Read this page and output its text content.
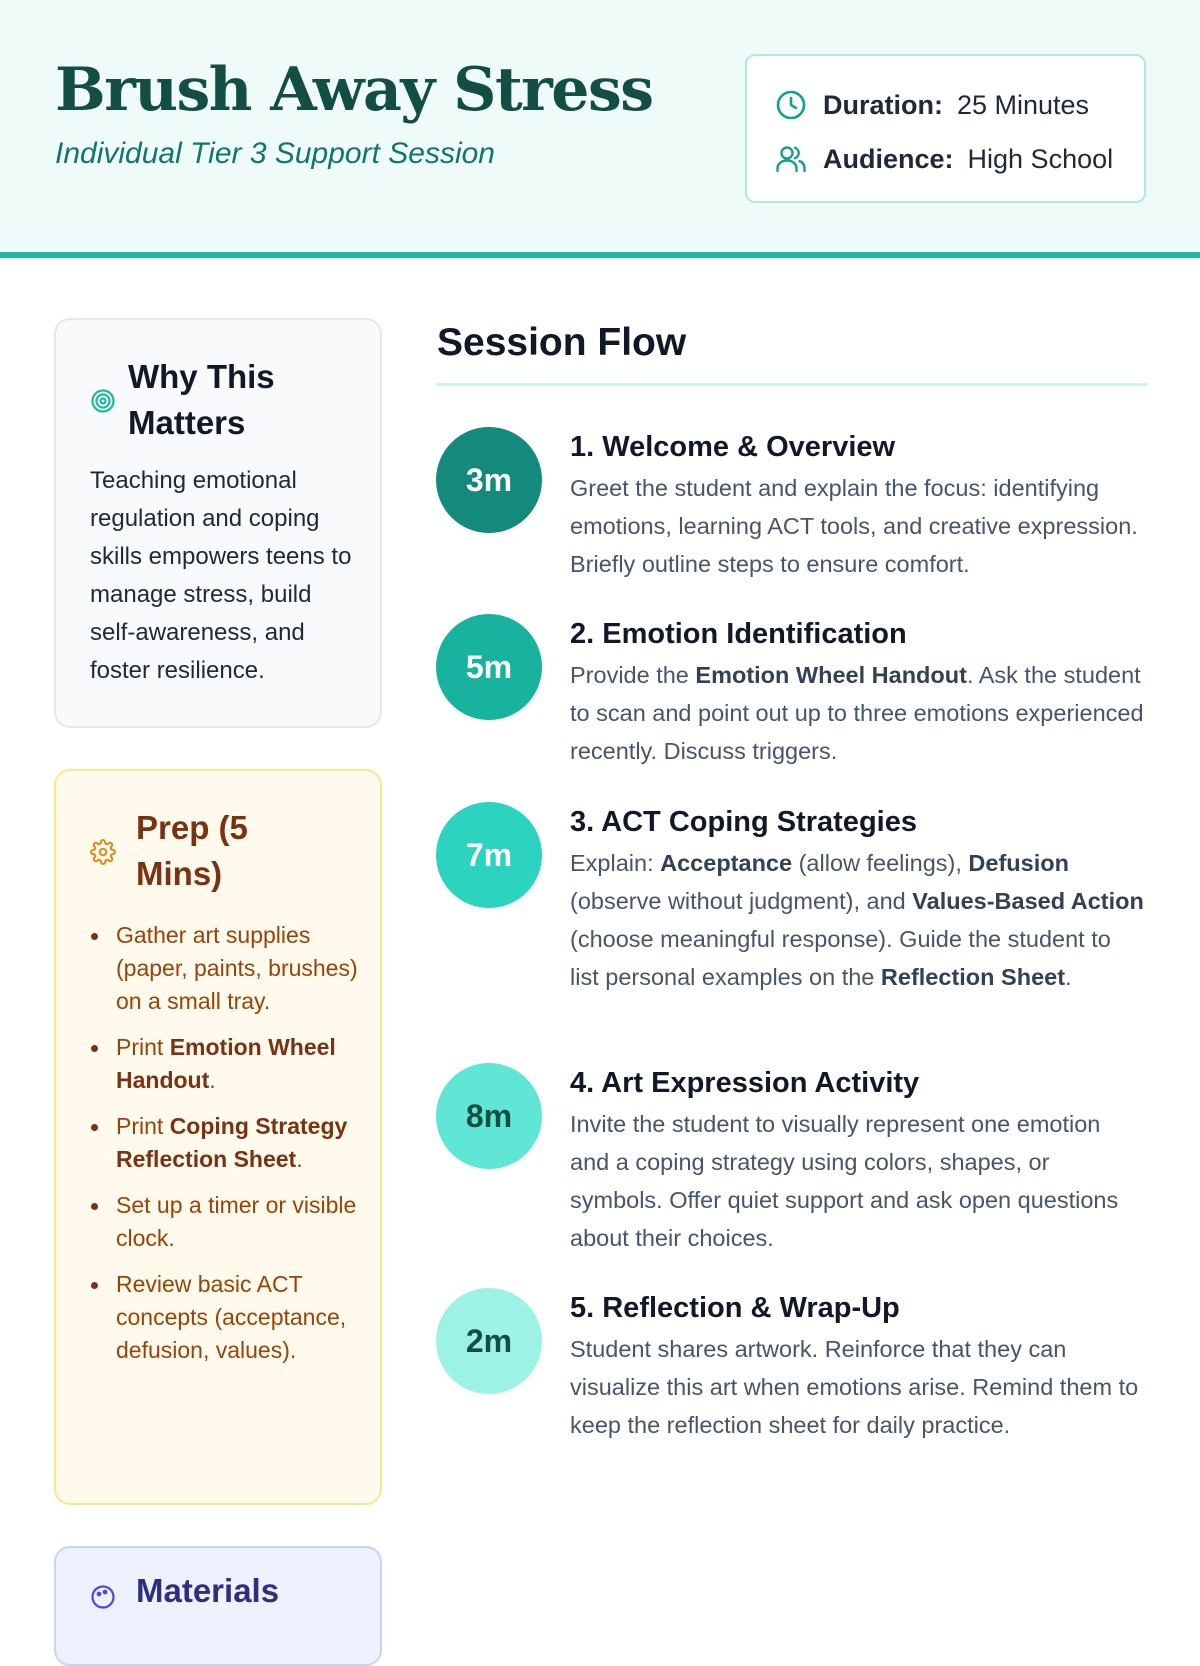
Brush Away Stress
Individual Tier 3 Support Session
Duration: 25 Minutes
Audience: High School
Why This Matters

Teaching emotional regulation and coping skills empowers teens to manage stress, build self-awareness, and foster resilience.

Prep (5 Mins)
Gather art supplies (paper, paints, brushes) on a small tray.
Print Emotion Wheel Handout.
Print Coping Strategy Reflection Sheet.
Set up a timer or visible clock.
Review basic ACT concepts (acceptance, defusion, values).
Materials
Session Flow
3m
1. Welcome & Overview

Greet the student and explain the focus: identifying emotions, learning ACT tools, and creative expression. Briefly outline steps to ensure comfort.

5m
2. Emotion Identification

Provide the Emotion Wheel Handout. Ask the student to scan and point out up to three emotions experienced recently. Discuss triggers.

7m
3. ACT Coping Strategies

Explain: Acceptance (allow feelings), Defusion (observe without judgment), and Values-Based Action (choose meaningful response). Guide the student to list personal examples on the Reflection Sheet.

8m
4. Art Expression Activity

Invite the student to visually represent one emotion and a coping strategy using colors, shapes, or symbols. Offer quiet support and ask open questions about their choices.

2m
5. Reflection & Wrap-Up

Student shares artwork. Reinforce that they can visualize this art when emotions arise. Remind them to keep the reflection sheet for daily practice.
